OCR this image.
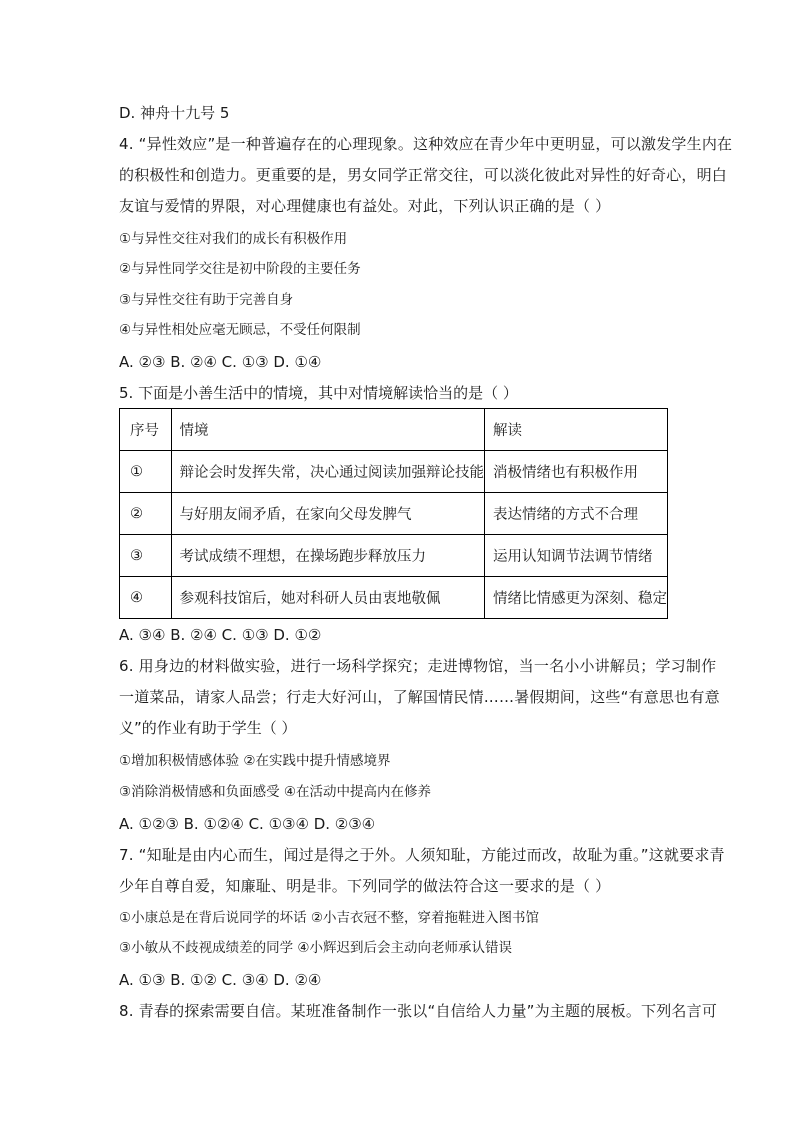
D. 神舟十九号 5
4. “异性效应”是一种普遍存在的心理现象。这种效应在青少年中更明显，可以激发学生内在
的积极性和创造力。更重要的是，男女同学正常交往，可以淡化彼此对异性的好奇心，明白
友谊与爱情的界限，对心理健康也有益处。对此，下列认识正确的是（ ）
①与异性交往对我们的成长有积极作用
②与异性同学交往是初中阶段的主要任务
③与异性交往有助于完善自身
④与异性相处应毫无顾忌，不受任何限制
A. ②③ B. ②④ C. ①③ D. ①④
5. 下面是小善生活中的情境，其中对情境解读恰当的是（ ）
序号	情境	解读
①	辩论会时发挥失常，决心通过阅读加强辩论技能	消极情绪也有积极作用
②	与好朋友闹矛盾，在家向父母发脾气	表达情绪的方式不合理
③	考试成绩不理想，在操场跑步释放压力	运用认知调节法调节情绪
④	参观科技馆后，她对科研人员由衷地敬佩	情绪比情感更为深刻、稳定
A. ③④ B. ②④ C. ①③ D. ①②
6. 用身边的材料做实验，进行一场科学探究；走进博物馆，当一名小小讲解员；学习制作
一道菜品，请家人品尝；行走大好河山，了解国情民情……暑假期间，这些“有意思也有意
义”的作业有助于学生（ ）
①增加积极情感体验 ②在实践中提升情感境界
③消除消极情感和负面感受 ④在活动中提高内在修养
A. ①②③ B. ①②④ C. ①③④ D. ②③④
7. “知耻是由内心而生，闻过是得之于外。人须知耻，方能过而改，故耻为重。”这就要求青
少年自尊自爱，知廉耻、明是非。下列同学的做法符合这一要求的是（ ）
①小康总是在背后说同学的坏话 ②小吉衣冠不整，穿着拖鞋进入图书馆
③小敏从不歧视成绩差的同学 ④小辉迟到后会主动向老师承认错误
A. ①③ B. ①② C. ③④ D. ②④
8. 青春的探索需要自信。某班准备制作一张以“自信给人力量”为主题的展板。下列名言可
